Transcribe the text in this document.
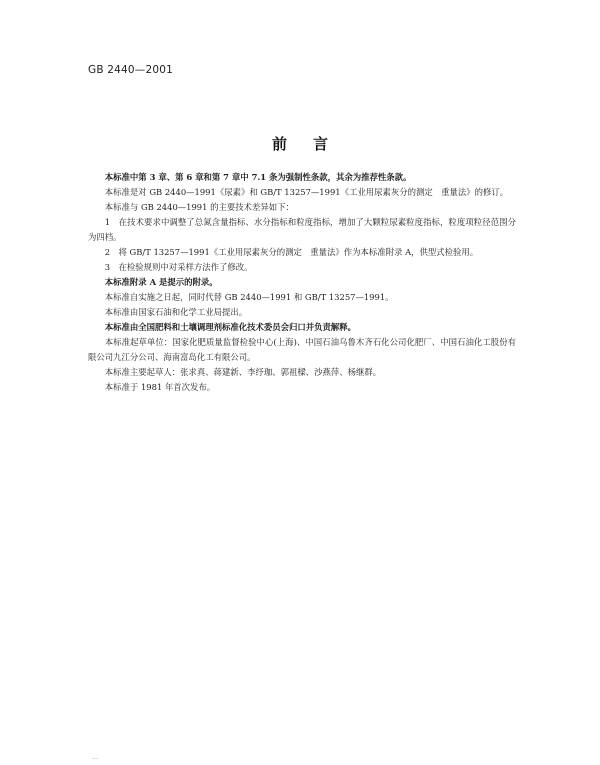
GB 2440—2001
前言

本标准中第 3 章、第 6 章和第 7 章中 7.1 条为强制性条款，其余为推荐性条款。

本标准是对 GB 2440—1991《尿素》和 GB/T 13257—1991《工业用尿素灰分的测定　重量法》的修订。

本标准与 GB 2440—1991 的主要技术差异如下：

1　在技术要求中调整了总氮含量指标、水分指标和粒度指标，增加了大颗粒尿素粒度指标，粒度项粒径范围分为四档。

2　将 GB/T 13257—1991《工业用尿素灰分的测定　重量法》作为本标准附录 A，供型式检验用。

3　在检验规则中对采样方法作了修改。

本标准附录 A 是提示的附录。

本标准自实施之日起，同时代替 GB 2440—1991 和 GB/T 13257—1991。

本标准由国家石油和化学工业局提出。

本标准由全国肥料和土壤调理剂标准化技术委员会归口并负责解释。

本标准起草单位：国家化肥质量监督检验中心(上海)、中国石油乌鲁木齐石化公司化肥厂、中国石油化工股份有限公司九江分公司、海南富岛化工有限公司。

本标准主要起草人：张求真、蒋建新、李纾珈、郭祖樑、沙燕萍、杨继群。

本标准于 1981 年首次发布。

…
